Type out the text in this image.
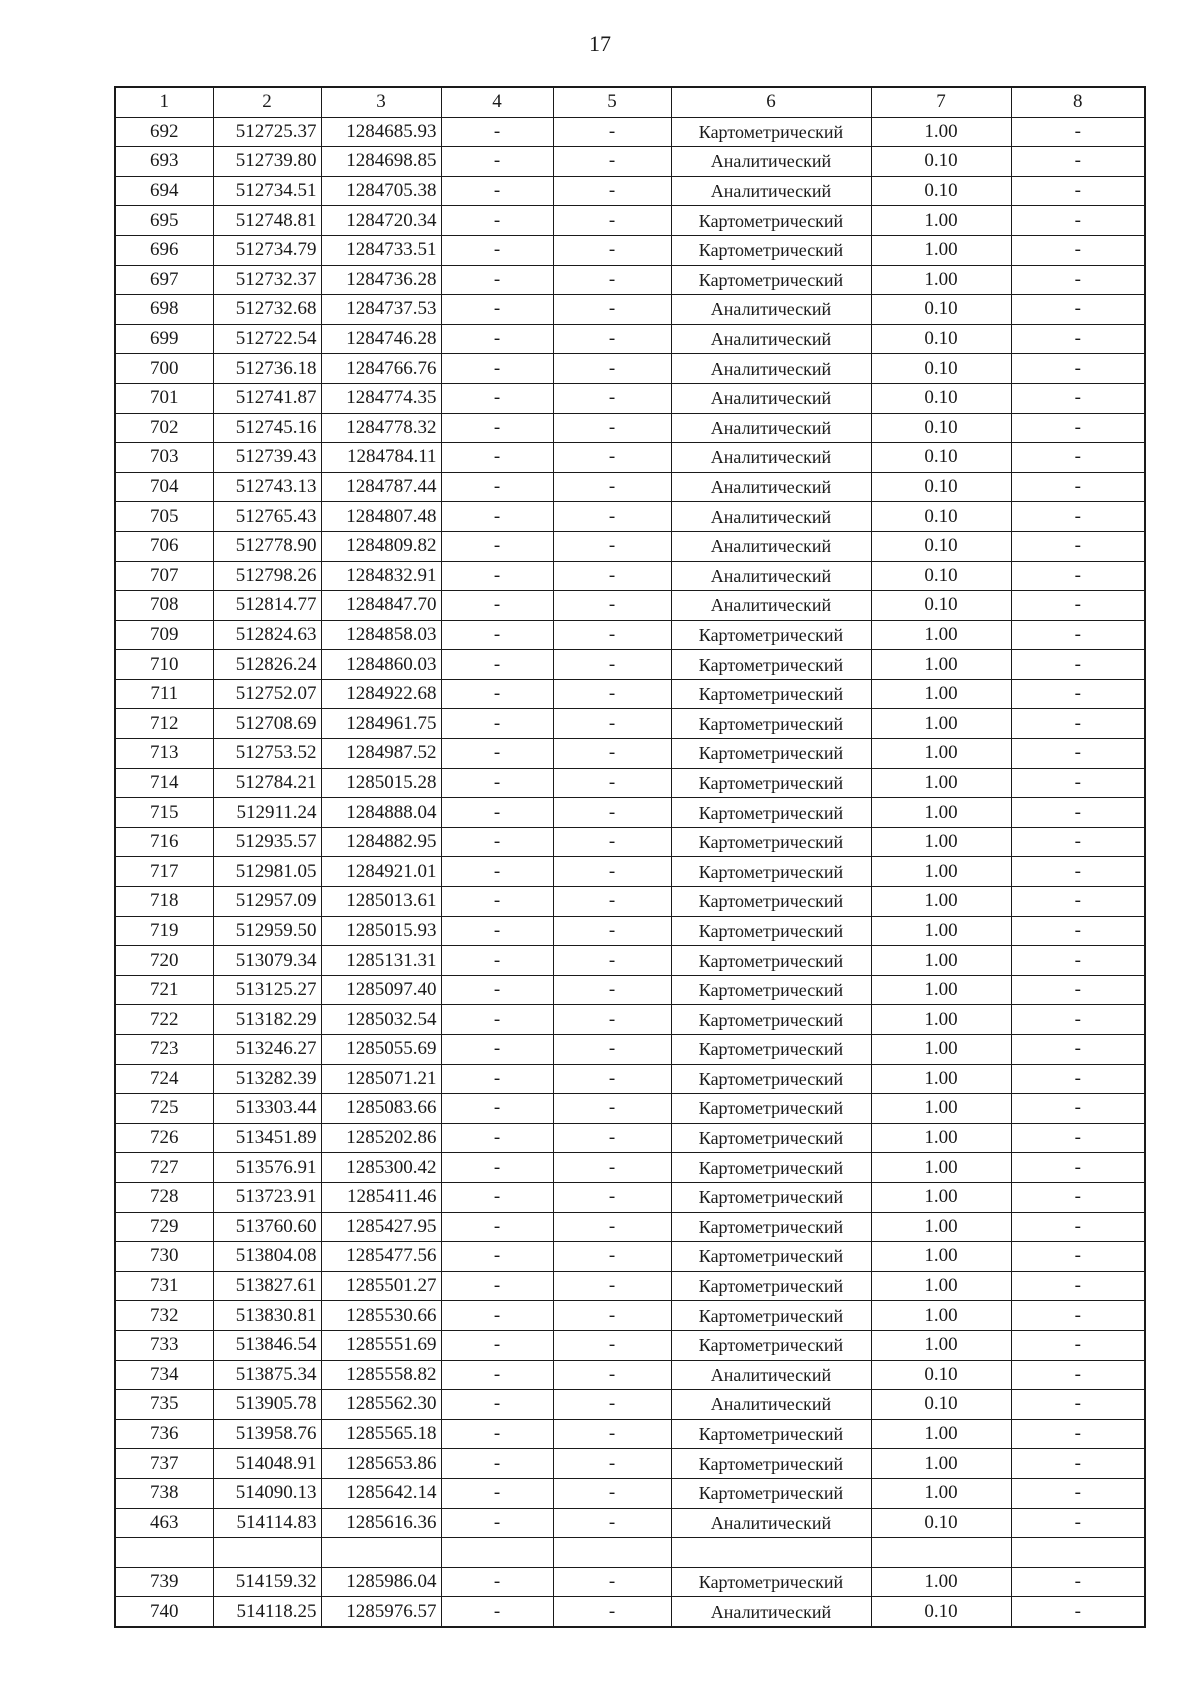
17
1	2	3	4	5	6	7	8
692	512725.37	1284685.93	-	-	Картометрический	1.00	-
693	512739.80	1284698.85	-	-	Аналитический	0.10	-
694	512734.51	1284705.38	-	-	Аналитический	0.10	-
695	512748.81	1284720.34	-	-	Картометрический	1.00	-
696	512734.79	1284733.51	-	-	Картометрический	1.00	-
697	512732.37	1284736.28	-	-	Картометрический	1.00	-
698	512732.68	1284737.53	-	-	Аналитический	0.10	-
699	512722.54	1284746.28	-	-	Аналитический	0.10	-
700	512736.18	1284766.76	-	-	Аналитический	0.10	-
701	512741.87	1284774.35	-	-	Аналитический	0.10	-
702	512745.16	1284778.32	-	-	Аналитический	0.10	-
703	512739.43	1284784.11	-	-	Аналитический	0.10	-
704	512743.13	1284787.44	-	-	Аналитический	0.10	-
705	512765.43	1284807.48	-	-	Аналитический	0.10	-
706	512778.90	1284809.82	-	-	Аналитический	0.10	-
707	512798.26	1284832.91	-	-	Аналитический	0.10	-
708	512814.77	1284847.70	-	-	Аналитический	0.10	-
709	512824.63	1284858.03	-	-	Картометрический	1.00	-
710	512826.24	1284860.03	-	-	Картометрический	1.00	-
711	512752.07	1284922.68	-	-	Картометрический	1.00	-
712	512708.69	1284961.75	-	-	Картометрический	1.00	-
713	512753.52	1284987.52	-	-	Картометрический	1.00	-
714	512784.21	1285015.28	-	-	Картометрический	1.00	-
715	512911.24	1284888.04	-	-	Картометрический	1.00	-
716	512935.57	1284882.95	-	-	Картометрический	1.00	-
717	512981.05	1284921.01	-	-	Картометрический	1.00	-
718	512957.09	1285013.61	-	-	Картометрический	1.00	-
719	512959.50	1285015.93	-	-	Картометрический	1.00	-
720	513079.34	1285131.31	-	-	Картометрический	1.00	-
721	513125.27	1285097.40	-	-	Картометрический	1.00	-
722	513182.29	1285032.54	-	-	Картометрический	1.00	-
723	513246.27	1285055.69	-	-	Картометрический	1.00	-
724	513282.39	1285071.21	-	-	Картометрический	1.00	-
725	513303.44	1285083.66	-	-	Картометрический	1.00	-
726	513451.89	1285202.86	-	-	Картометрический	1.00	-
727	513576.91	1285300.42	-	-	Картометрический	1.00	-
728	513723.91	1285411.46	-	-	Картометрический	1.00	-
729	513760.60	1285427.95	-	-	Картометрический	1.00	-
730	513804.08	1285477.56	-	-	Картометрический	1.00	-
731	513827.61	1285501.27	-	-	Картометрический	1.00	-
732	513830.81	1285530.66	-	-	Картометрический	1.00	-
733	513846.54	1285551.69	-	-	Картометрический	1.00	-
734	513875.34	1285558.82	-	-	Аналитический	0.10	-
735	513905.78	1285562.30	-	-	Аналитический	0.10	-
736	513958.76	1285565.18	-	-	Картометрический	1.00	-
737	514048.91	1285653.86	-	-	Картометрический	1.00	-
738	514090.13	1285642.14	-	-	Картометрический	1.00	-
463	514114.83	1285616.36	-	-	Аналитический	0.10	-

739	514159.32	1285986.04	-	-	Картометрический	1.00	-
740	514118.25	1285976.57	-	-	Аналитический	0.10	-
